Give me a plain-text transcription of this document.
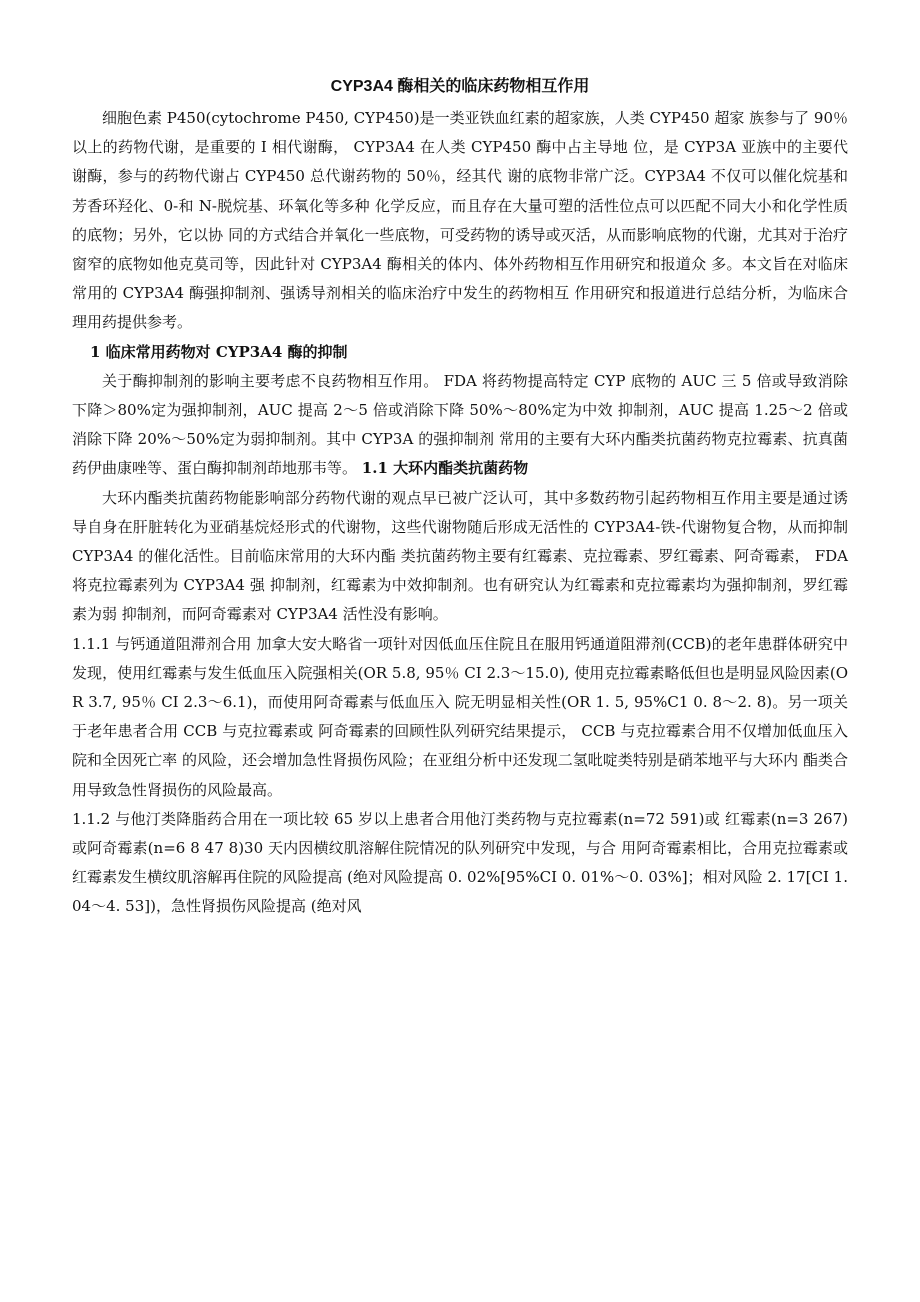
CYP3A4 酶相关的临床药物相互作用

细胞色素 P450(cytochrome P450, CYP450)是一类亚铁血红素的超家族，人类 CYP450 超家 族参与了 90％以上的药物代谢，是重要的 I 相代谢酶， CYP3A4 在人类 CYP450 酶中占主导地 位，是 CYP3A 亚族中的主要代谢酶，参与的药物代谢占 CYP450 总代谢药物的 50％，经其代 谢的底物非常广泛。CYP3A4 不仅可以催化烷基和芳香环羟化、0-和 N-脱烷基、环氧化等多种 化学反应，而且存在大量可塑的活性位点可以匹配不同大小和化学性质的底物；另外，它以协 同的方式结合并氧化一些底物，可受药物的诱导或灭活，从而影响底物的代谢，尤其对于治疗 窗窄的底物如他克莫司等，因此针对 CYP3A4 酶相关的体内、体外药物相互作用研究和报道众 多。本文旨在对临床常用的 CYP3A4 酶强抑制剂、强诱导剂相关的临床治疗中发生的药物相互 作用研究和报道进行总结分析，为临床合理用药提供参考。

1 临床常用药物对 CYP3A4 酶的抑制

关于酶抑制剂的影响主要考虑不良药物相互作用。 FDA 将药物提高特定 CYP 底物的 AUC 三 5 倍或导致消除下降＞80%定为强抑制剂，AUC 提高 2〜5 倍或消除下降 50%〜80%定为中效 抑制剂，AUC 提高 1.25〜2 倍或消除下降 20%〜50%定为弱抑制剂。其中 CYP3A 的强抑制剂 常用的主要有大环内酯类抗菌药物克拉霉素、抗真菌药伊曲康唑等、蛋白酶抑制剂茚地那韦等。 1.1 大环内酯类抗菌药物

大环内酯类抗菌药物能影响部分药物代谢的观点早已被广泛认可，其中多数药物引起药物相互作用主要是通过诱导自身在肝脏转化为亚硝基烷烃形式的代谢物，这些代谢物随后形成无活性的 CYP3A4-铁-代谢物复合物，从而抑制 CYP3A4 的催化活性。目前临床常用的大环内酯 类抗菌药物主要有红霉素、克拉霉素、罗红霉素、阿奇霉素， FDA 将克拉霉素列为 CYP3A4 强 抑制剂，红霉素为中效抑制剂。也有研究认为红霉素和克拉霉素均为强抑制剂，罗红霉素为弱 抑制剂，而阿奇霉素对 CYP3A4 活性没有影响。

1.1.1 与钙通道阻滞剂合用 加拿大安大略省一项针对因低血压住院且在服用钙通道阻滞剂(CCB)的老年患群体研究中发现，使用红霉素与发生低血压入院强相关(OR 5.8, 95％ CI 2.3〜15.0), 使用克拉霉素略低但也是明显风险因素(OR 3.7, 95％ CI 2.3〜6.1)，而使用阿奇霉素与低血压入 院无明显相关性(OR 1. 5, 95%C1 0. 8〜2. 8)。另一项关于老年患者合用 CCB 与克拉霉素或 阿奇霉素的回顾性队列研究结果提示， CCB 与克拉霉素合用不仅增加低血压入院和全因死亡率 的风险，还会增加急性肾损伤风险；在亚组分析中还发现二氢吡啶类特别是硝苯地平与大环内 酯类合用导致急性肾损伤的风险最高。

1.1.2 与他汀类降脂药合用在一项比较 65 岁以上患者合用他汀类药物与克拉霉素(n=72 591)或 红霉素(n=3 267)或阿奇霉素(n=6 8 47 8)30 天内因横纹肌溶解住院情况的队列研究中发现，与合 用阿奇霉素相比，合用克拉霉素或红霉素发生横纹肌溶解再住院的风险提高 (绝对风险提高 0. 02%[95%CI 0. 01%〜0. 03%]；相对风险 2. 17[CI 1. 04〜4. 53])，急性肾损伤风险提高 (绝对风
